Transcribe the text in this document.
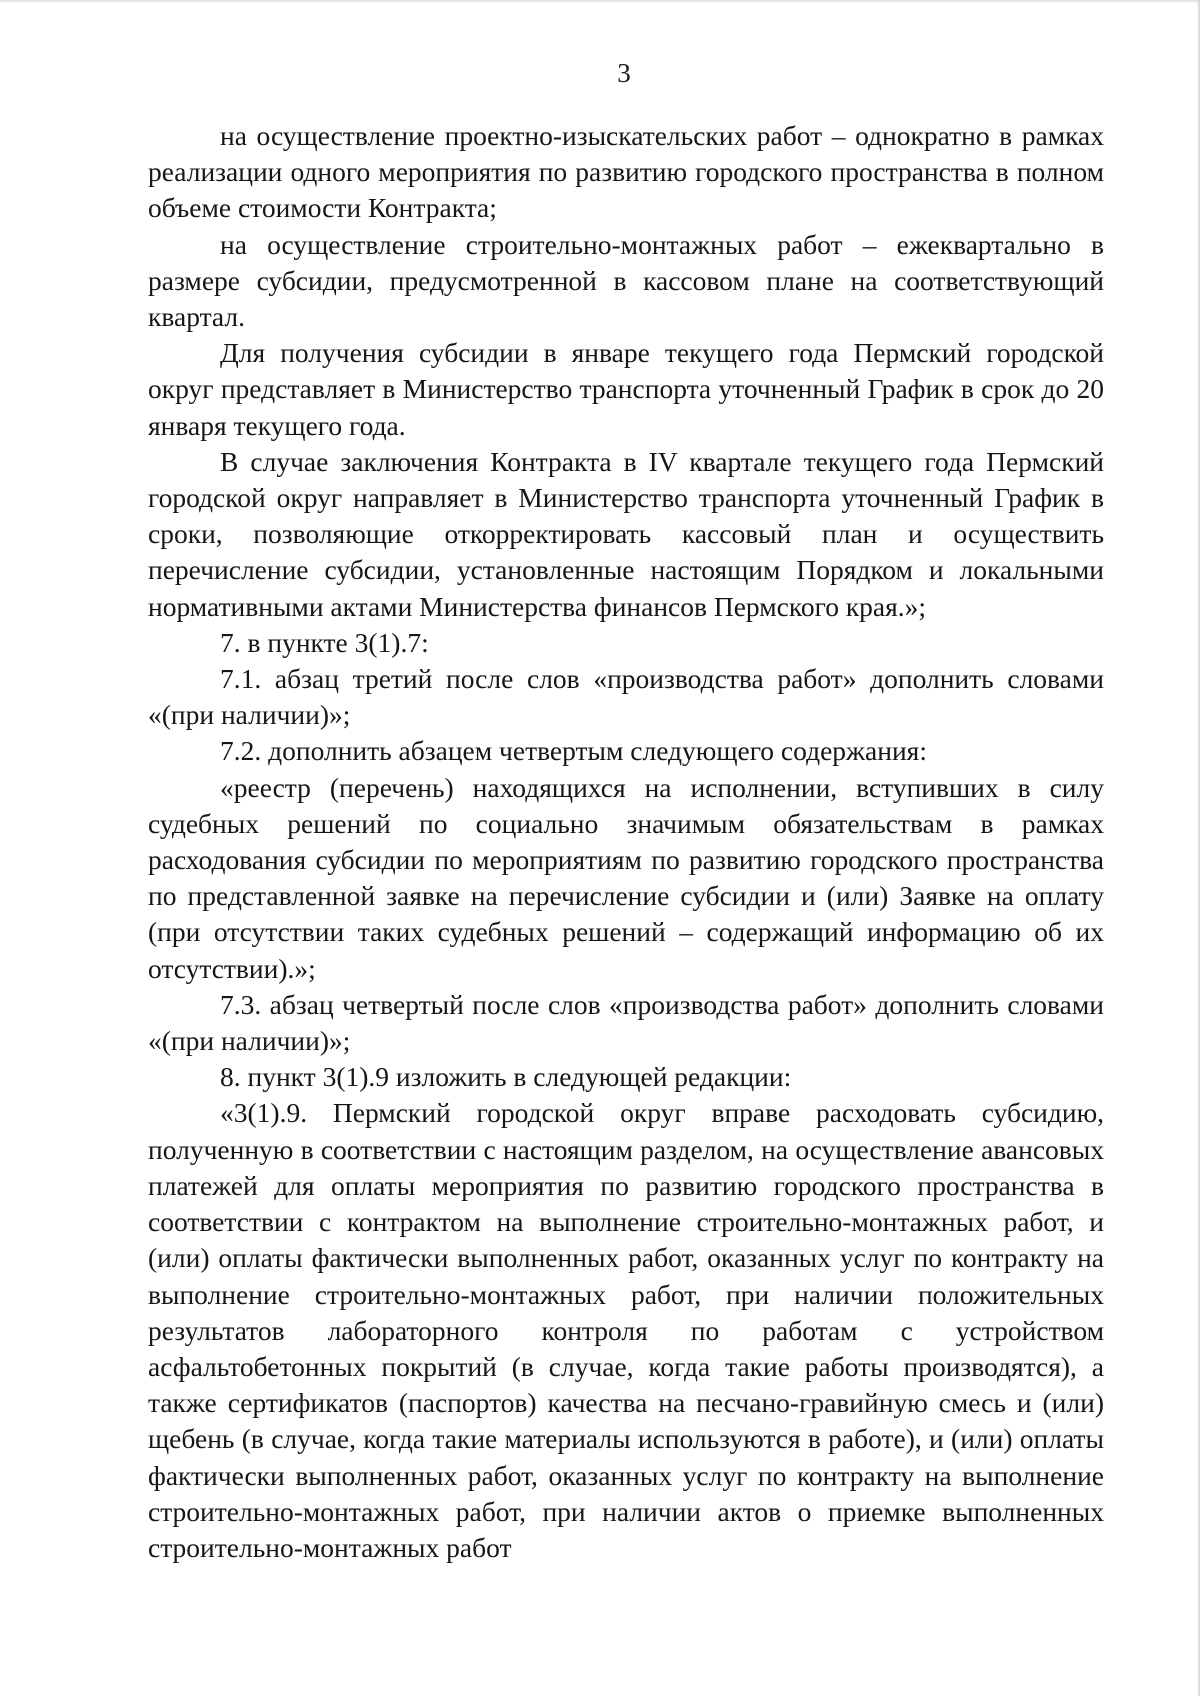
3

на осуществление проектно-изыскательских работ – однократно в рамках реализации одного мероприятия по развитию городского пространства в полном объеме стоимости Контракта;

на осуществление строительно-монтажных работ – ежеквартально в размере субсидии, предусмотренной в кассовом плане на соответствующий квартал.

Для получения субсидии в январе текущего года Пермский городской округ представляет в Министерство транспорта уточненный График в срок до 20 января текущего года.

В случае заключения Контракта в IV квартале текущего года Пермский городской округ направляет в Министерство транспорта уточненный График в сроки, позволяющие откорректировать кассовый план и осуществить перечисление субсидии, установленные настоящим Порядком и локальными нормативными актами Министерства финансов Пермского края.»;

7. в пункте 3(1).7:

7.1. абзац третий после слов «производства работ» дополнить словами «(при наличии)»;

7.2. дополнить абзацем четвертым следующего содержания:

«реестр (перечень) находящихся на исполнении, вступивших в силу судебных решений по социально значимым обязательствам в рамках расходования субсидии по мероприятиям по развитию городского пространства по представленной заявке на перечисление субсидии и (или) Заявке на оплату (при отсутствии таких судебных решений – содержащий информацию об их отсутствии).»;

7.3. абзац четвертый после слов «производства работ» дополнить словами «(при наличии)»;

8. пункт 3(1).9 изложить в следующей редакции:

«3(1).9. Пермский городской округ вправе расходовать субсидию, полученную в соответствии с настоящим разделом, на осуществление авансовых платежей для оплаты мероприятия по развитию городского пространства в соответствии с контрактом на выполнение строительно-монтажных работ, и (или) оплаты фактически выполненных работ, оказанных услуг по контракту на выполнение строительно-монтажных работ, при наличии положительных результатов лабораторного контроля по работам с устройством асфальтобетонных покрытий (в случае, когда такие работы производятся), а также сертификатов (паспортов) качества на песчано-гравийную смесь и (или) щебень (в случае, когда такие материалы используются в работе), и (или) оплаты фактически выполненных работ, оказанных услуг по контракту на выполнение строительно-монтажных работ, при наличии актов о приемке выполненных строительно-монтажных работ
